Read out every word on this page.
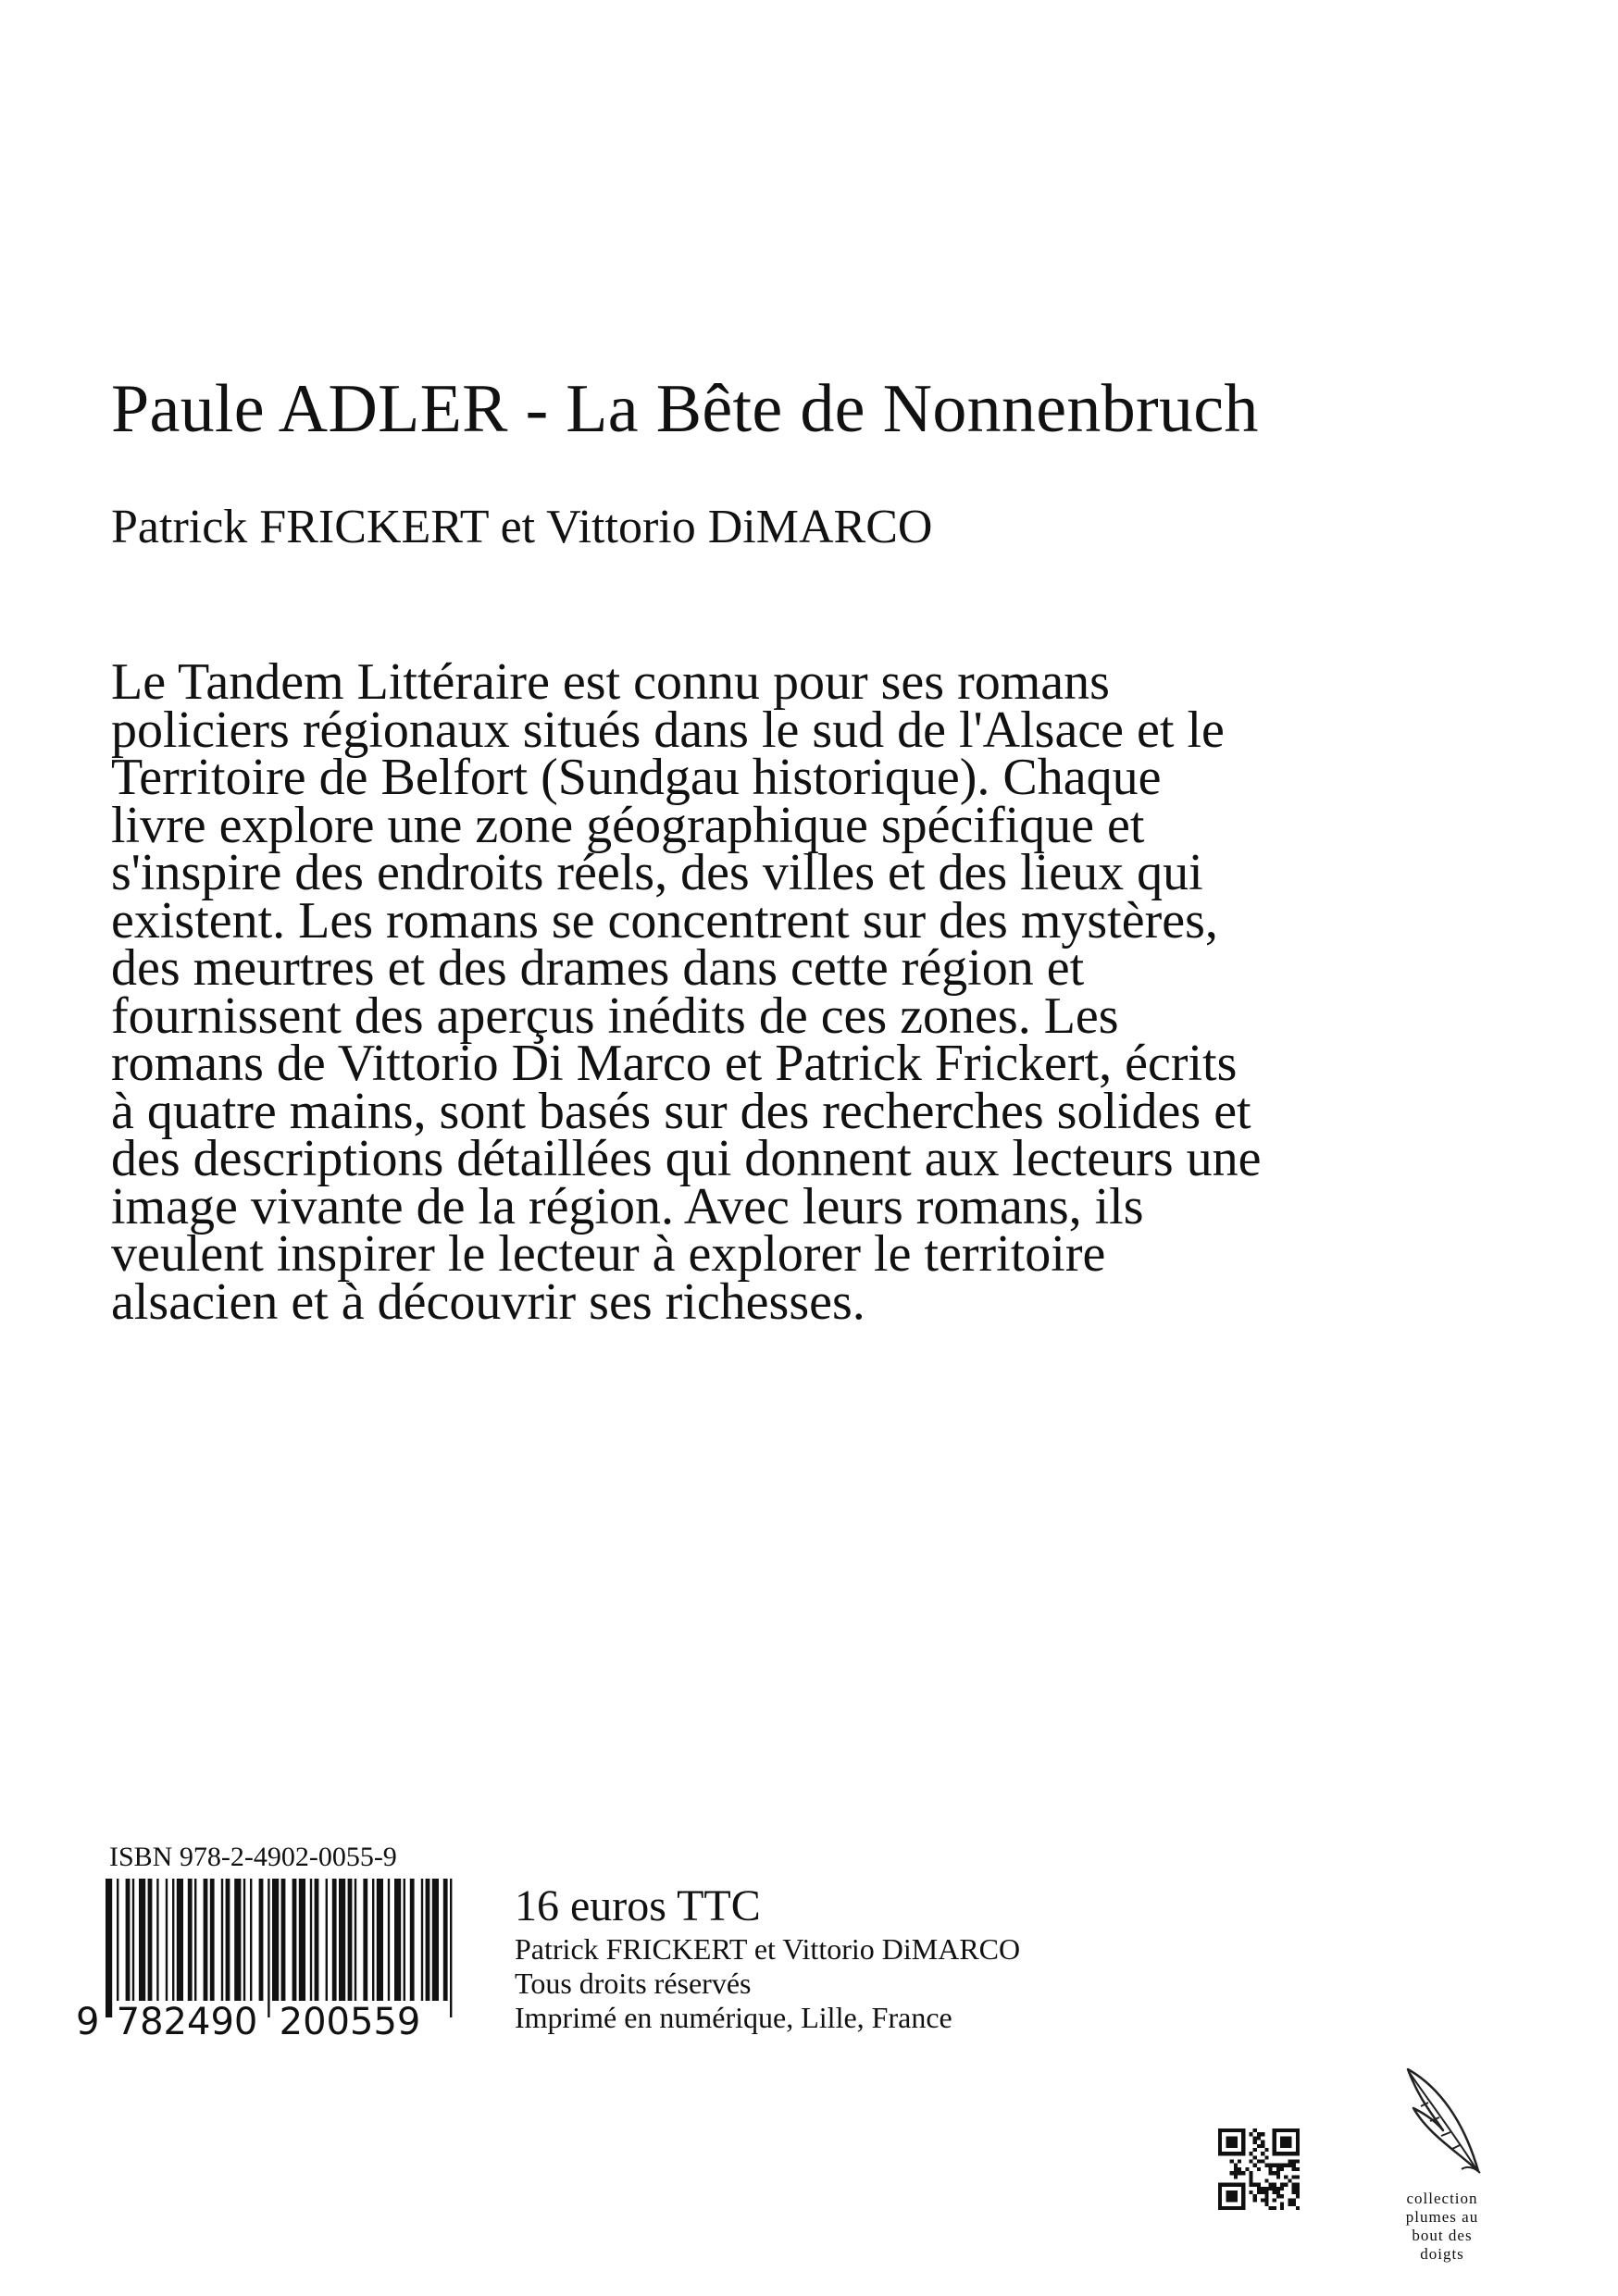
Paule ADLER - La Bête de Nonnenbruch
Patrick FRICKERT et Vittorio DiMARCO

Le Tandem Littéraire est connu pour ses romans policiers régionaux situés dans le sud de l'Alsace et le Territoire de Belfort (Sundgau historique). Chaque livre explore une zone géographique spécifique et s'inspire des endroits réels, des villes et des lieux qui existent. Les romans se concentrent sur des mystères, des meurtres et des drames dans cette région et fournissent des aperçus inédits de ces zones. Les romans de Vittorio Di Marco et Patrick Frickert, écrits à quatre mains, sont basés sur des recherches solides et des descriptions détaillées qui donnent aux lecteurs une image vivante de la région. Avec leurs romans, ils veulent inspirer le lecteur à explorer le territoire alsacien et à découvrir ses richesses.

ISBN 978-2-4902-0055-9
9 782490 200559
16 euros TTC
Patrick FRICKERT et Vittorio DiMARCO
Tous droits réservés
Imprimé en numérique, Lille, France
collection
plumes au
bout des
doigts
